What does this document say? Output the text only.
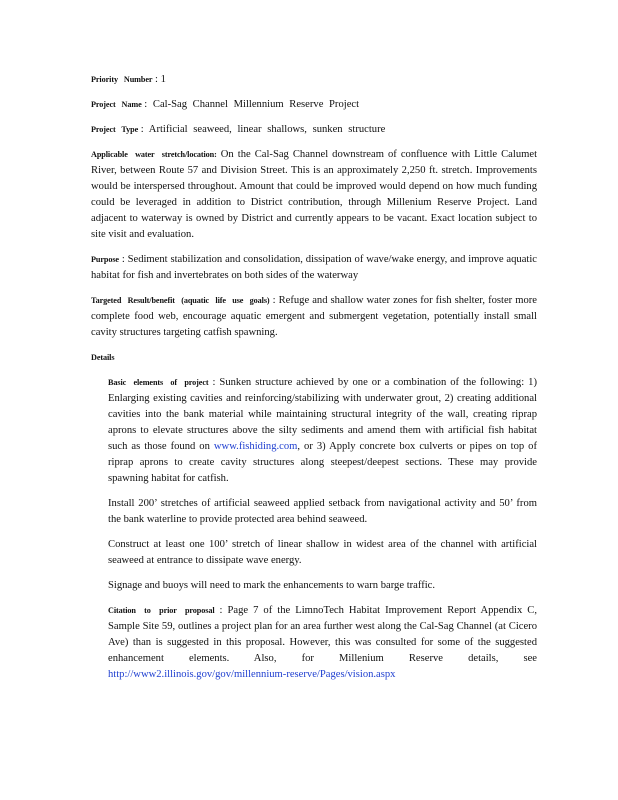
Priority Number : 1

Project Name : Cal-Sag Channel Millennium Reserve Project

Project Type : Artificial seaweed, linear shallows, sunken structure

Applicable water stretch/location: On the Cal-Sag Channel downstream of confluence with Little Calumet River, between Route 57 and Division Street. This is an approximately 2,250 ft. stretch. Improvements would be interspersed throughout. Amount that could be improved would depend on how much funding could be leveraged in addition to District contribution, through Millenium Reserve Project. Land adjacent to waterway is owned by District and currently appears to be vacant. Exact location subject to site visit and evaluation.

Purpose : Sediment stabilization and consolidation, dissipation of wave/wake energy, and improve aquatic habitat for fish and invertebrates on both sides of the waterway

Targeted Result/benefit (aquatic life use goals) : Refuge and shallow water zones for fish shelter, foster more complete food web, encourage aquatic emergent and submergent vegetation, potentially install small cavity structures targeting catfish spawning.

Details

Basic elements of project : Sunken structure achieved by one or a combination of the following: 1) Enlarging existing cavities and reinforcing/stabilizing with underwater grout, 2) creating additional cavities into the bank material while maintaining structural integrity of the wall, creating riprap aprons to elevate structures above the silty sediments and amend them with artificial fish habitat such as those found on www.fishiding.com, or 3) Apply concrete box culverts or pipes on top of riprap aprons to create cavity structures along steepest/deepest sections. These may provide spawning habitat for catfish.

Install 200’ stretches of artificial seaweed applied setback from navigational activity and 50’ from the bank waterline to provide protected area behind seaweed.

Construct at least one 100’ stretch of linear shallow in widest area of the channel with artificial seaweed at entrance to dissipate wave energy.

Signage and buoys will need to mark the enhancements to warn barge traffic.

Citation to prior proposal : Page 7 of the LimnoTech Habitat Improvement Report Appendix C, Sample Site 59, outlines a project plan for an area further west along the Cal-Sag Channel (at Cicero Ave) than is suggested in this proposal. However, this was consulted for some of the suggested enhancement elements. Also, for Millenium Reserve details, see http://www2.illinois.gov/gov/millennium-reserve/Pages/vision.aspx
